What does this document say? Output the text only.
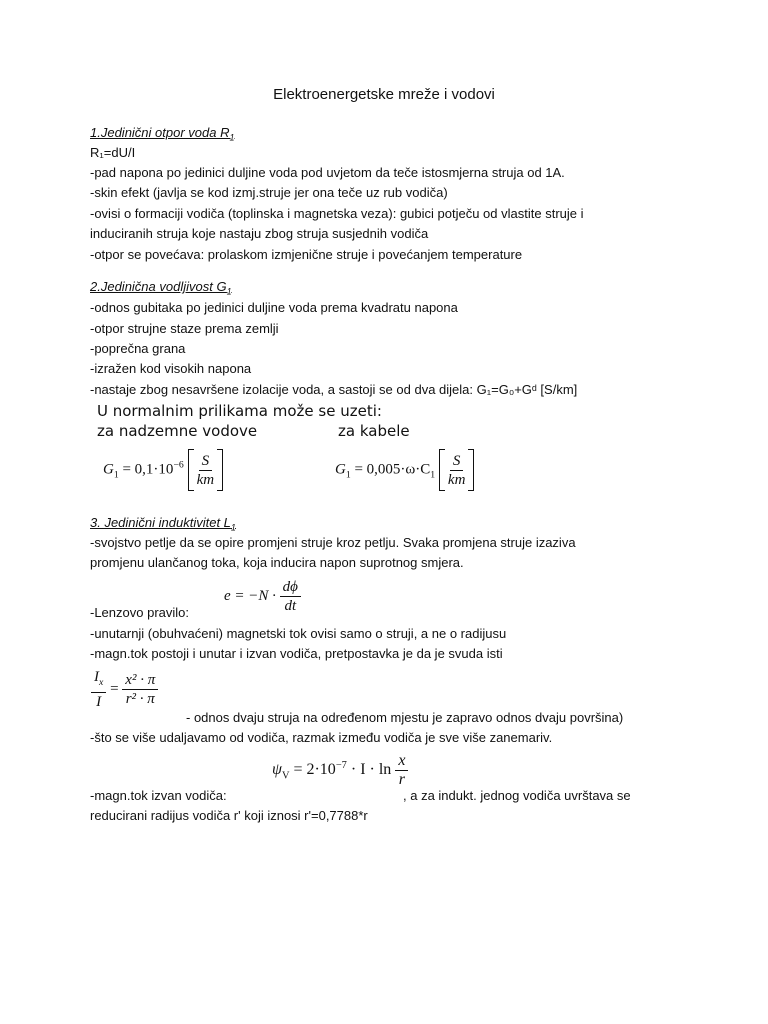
Elektroenergetske mreže i vodovi
1.Jedinični otpor voda $R_1$
R₁=dU/I
-pad napona po jedinici duljine voda pod uvjetom da teče istosmjerna struja od 1A.
-skin efekt (javlja se kod izmj.struje jer ona teče uz rub vodiča)
-ovisi o formaciji vodiča (toplinska i magnetska veza): gubici potječu od vlastite struje i
induciranih struja koje nastaju zbog struja susjednih vodiča
-otpor se povećava: prolaskom izmjenične struje i povećanjem temperature
2.Jedinična vodljivost $G_1$
-odnos gubitaka po jedinici duljine voda prema kvadratu napona
-otpor strujne staze prema zemlji
-poprečna grana
-izražen kod visokih napona
-nastaje zbog nesavršene izolacije voda, a sastoji se od dva dijela: G₁=G₀+Gᵈ [S/km]
U normalnim prilikama može se uzeti:
za nadzemne vodove	za kabele
$G_1 = 0,1\cdot 10^{-6} \frac{S}{km}$	$G_1 = 0,005\cdot\omega\cdot C_1 \frac{S}{km}$
3. Jedinični induktivitet $L_1$
-svojstvo petlje da se opire promjeni struje kroz petlju. Svaka promjena struje izaziva
promjenu ulančanog toka, koja inducira napon suprotnog smjera.
$e = -N \cdot \frac{d\phi}{dt}$
-Lenzovo pravilo:
-unutarnji (obuhvaćeni) magnetski tok ovisi samo o struji, a ne o radijusu
-magn.tok postoji i unutar i izvan vodiča, pretpostavka je da je svuda isti
$\frac{I_x}{I} = \frac{\text{x² · π}}{\text{r² · π}}$
- odnos dvaju struja na određenom mjestu je zapravo odnos dvaju površina)
-što se više udaljavamo od vodiča, razmak između vodiča je sve više zanemariv.
$\psi_V = 2\cdot 10^{-7} \cdot I \cdot \ln \frac{x}{r}$
-magn.tok izvan vodiča:	, a za indukt. jednog vodiča uvrštava se
reducirani radijus vodiča r' koji iznosi r'=0,7788*r
